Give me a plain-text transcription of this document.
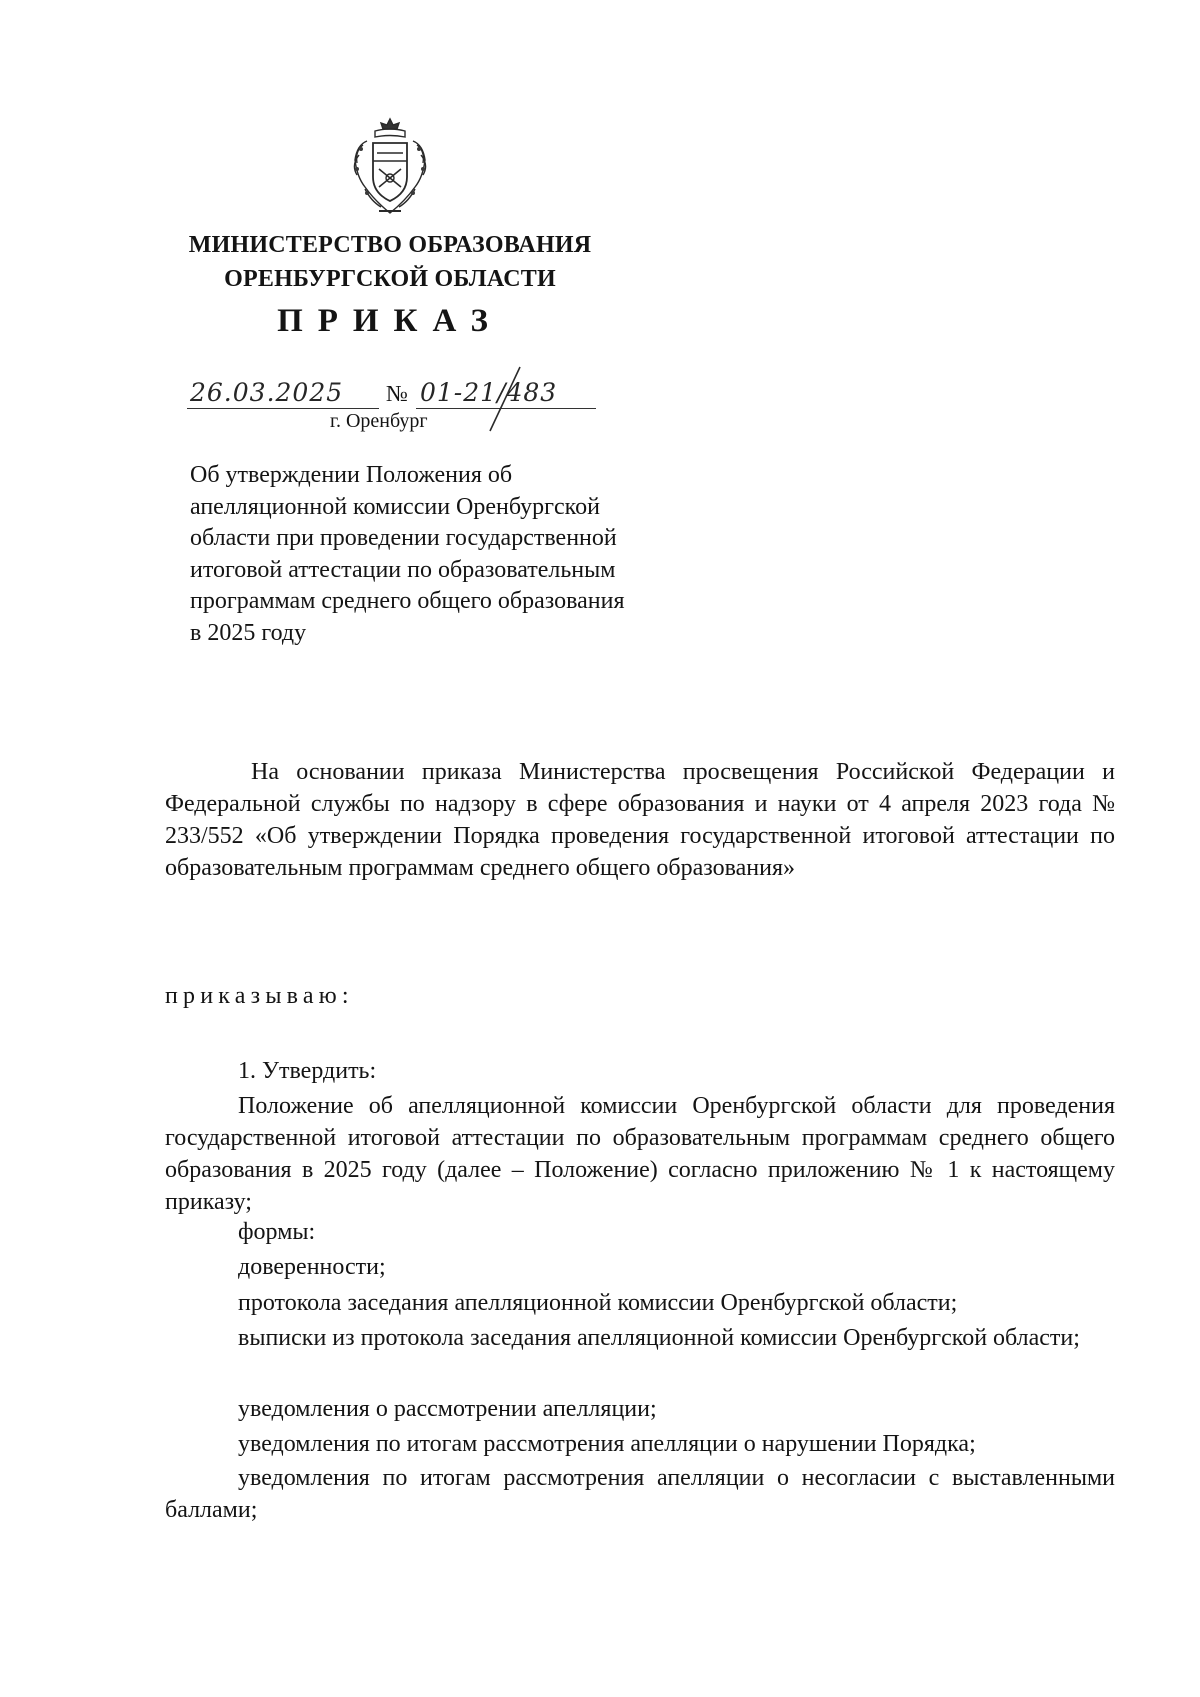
МИНИСТЕРСТВО ОБРАЗОВАНИЯ
ОРЕНБУРГСКОЙ ОБЛАСТИ
ПРИКАЗ
26.03.2025 № 01-21/483
г. Оренбург
Об утверждении Положения об апелляционной комиссии Оренбургской области при проведении государственной итоговой аттестации по образовательным программам среднего общего образования в 2025 году
На основании приказа Министерства просвещения Российской Федерации и Федеральной службы по надзору в сфере образования и науки от 4 апреля 2023 года № 233/552 «Об утверждении Порядка проведения государственной итоговой аттестации по образовательным программам среднего общего образования»
приказываю:
1. Утвердить:
Положение об апелляционной комиссии Оренбургской области для проведения государственной итоговой аттестации по образовательным программам среднего общего образования в 2025 году (далее – Положение) согласно приложению № 1 к настоящему приказу;
формы:
доверенности;
протокола заседания апелляционной комиссии Оренбургской области;
выписки из протокола заседания апелляционной комиссии Оренбургской области;
уведомления о рассмотрении апелляции;
уведомления по итогам рассмотрения апелляции о нарушении Порядка;
уведомления по итогам рассмотрения апелляции о несогласии с выставленными баллами;
